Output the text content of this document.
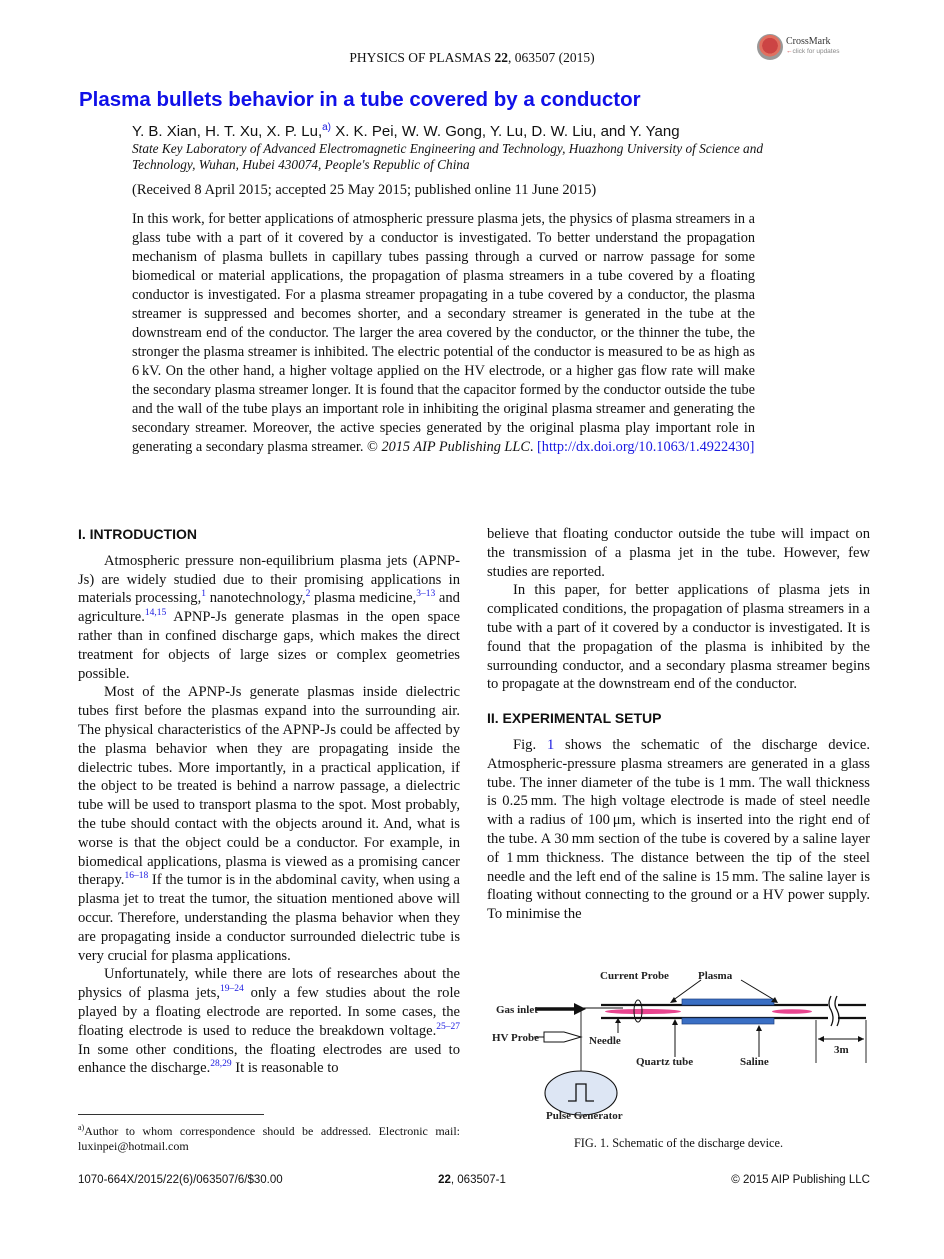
PHYSICS OF PLASMAS 22, 063507 (2015)
CrossMark
←click for updates
Plasma bullets behavior in a tube covered by a conductor
Y. B. Xian, H. T. Xu, X. P. Lu,$^{a)}$ X. K. Pei, W. W. Gong, Y. Lu, D. W. Liu, and Y. Yang
State Key Laboratory of Advanced Electromagnetic Engineering and Technology, Huazhong University of Science and Technology, Wuhan, Hubei 430074, People's Republic of China
(Received 8 April 2015; accepted 25 May 2015; published online 11 June 2015)
In this work, for better applications of atmospheric pressure plasma jets, the physics of plasma streamers in a glass tube with a part of it covered by a conductor is investigated. To better understand the propagation mechanism of plasma bullets in capillary tubes passing through a curved or narrow passage for some biomedical or material applications, the propagation of plasma streamers in a tube covered by a floating conductor is investigated. For a plasma streamer propagating in a tube covered by a conductor, the plasma streamer is suppressed and becomes shorter, and a secondary streamer is generated in the tube at the downstream end of the conductor. The larger the area covered by the conductor, or the thinner the tube, the stronger the plasma streamer is inhibited. The electric potential of the conductor is measured to be as high as 6 kV. On the other hand, a higher voltage applied on the HV electrode, or a higher gas flow rate will make the secondary plasma streamer longer. It is found that the capacitor formed by the conductor outside the tube and the wall of the tube plays an important role in inhibiting the original plasma streamer and generating the secondary streamer. Moreover, the active species generated by the original plasma play important role in generating a secondary plasma streamer. © 2015 AIP Publishing LLC. [http://dx.doi.org/10.1063/1.4922430]
I. INTRODUCTION

Atmospheric pressure non-equilibrium plasma jets (APNP-Js) are widely studied due to their promising applications in materials processing,$^1$ nanotechnology,$^2$ plasma medicine,$^{3-13}$ and agriculture.$^{14,15}$ APNP-Js generate plasmas in the open space rather than in confined discharge gaps, which makes the direct treatment for objects of large sizes or complex geometries possible.

Most of the APNP-Js generate plasmas inside dielectric tubes first before the plasmas expand into the surrounding air. The physical characteristics of the APNP-Js could be affected by the plasma behavior when they are propagating inside the dielectric tubes. More importantly, in a practical application, if the object to be treated is behind a narrow passage, a dielectric tube will be used to transport plasma to the spot. Most probably, the tube should contact with the objects around it. And, what is worse is that the object could be a conductor. For example, in biomedical applications, plasma is viewed as a promising cancer therapy.$^{16-18}$ If the tumor is in the abdominal cavity, when using a plasma jet to treat the tumor, the situation mentioned above will occur. Therefore, understanding the plasma behavior when they are propagating inside a conductor surrounded dielectric tube is very crucial for plasma applications.

Unfortunately, while there are lots of researches about the physics of plasma jets,$^{19-24}$ only a few studies about the role played by a floating electrode are reported. In some cases, the floating electrode is used to reduce the breakdown voltage.$^{25-27}$ In some other conditions, the floating electrodes are used to enhance the discharge.$^{28,29}$ It is reasonable to

$^{a)}$Author to whom correspondence should be addressed. Electronic mail: luxinpei@hotmail.com

believe that floating conductor outside the tube will impact on the transmission of a plasma jet in the tube. However, few studies are reported.

In this paper, for better applications of plasma jets in complicated conditions, the propagation of plasma streamers in a tube with a part of it covered by a conductor is investigated. It is found that the propagation of the plasma is inhibited by the surrounding conductor, and a secondary plasma streamer begins to propagate at the downstream end of the conductor.

II. EXPERIMENTAL SETUP

Fig. 1 shows the schematic of the discharge device. Atmospheric-pressure plasma streamers are generated in a glass tube. The inner diameter of the tube is 1 mm. The wall thickness is 0.25 mm. The high voltage electrode is made of steel needle with a radius of 100 μm, which is inserted into the right end of the tube. A 30 mm section of the tube is covered by a saline layer of 1 mm thickness. The distance between the tip of the steel needle and the left end of the saline is 15 mm. The saline layer is floating without connecting to the ground or a HV power supply. To minimise the

Current Probe	Plasma
Gas inlet
HV Probe	Needle
Quartz tube	Saline
3m
Pulse Generator
FIG. 1. Schematic of the discharge device.
1070-664X/2015/22(6)/063507/6/$30.00	22, 063507-1	© 2015 AIP Publishing LLC
